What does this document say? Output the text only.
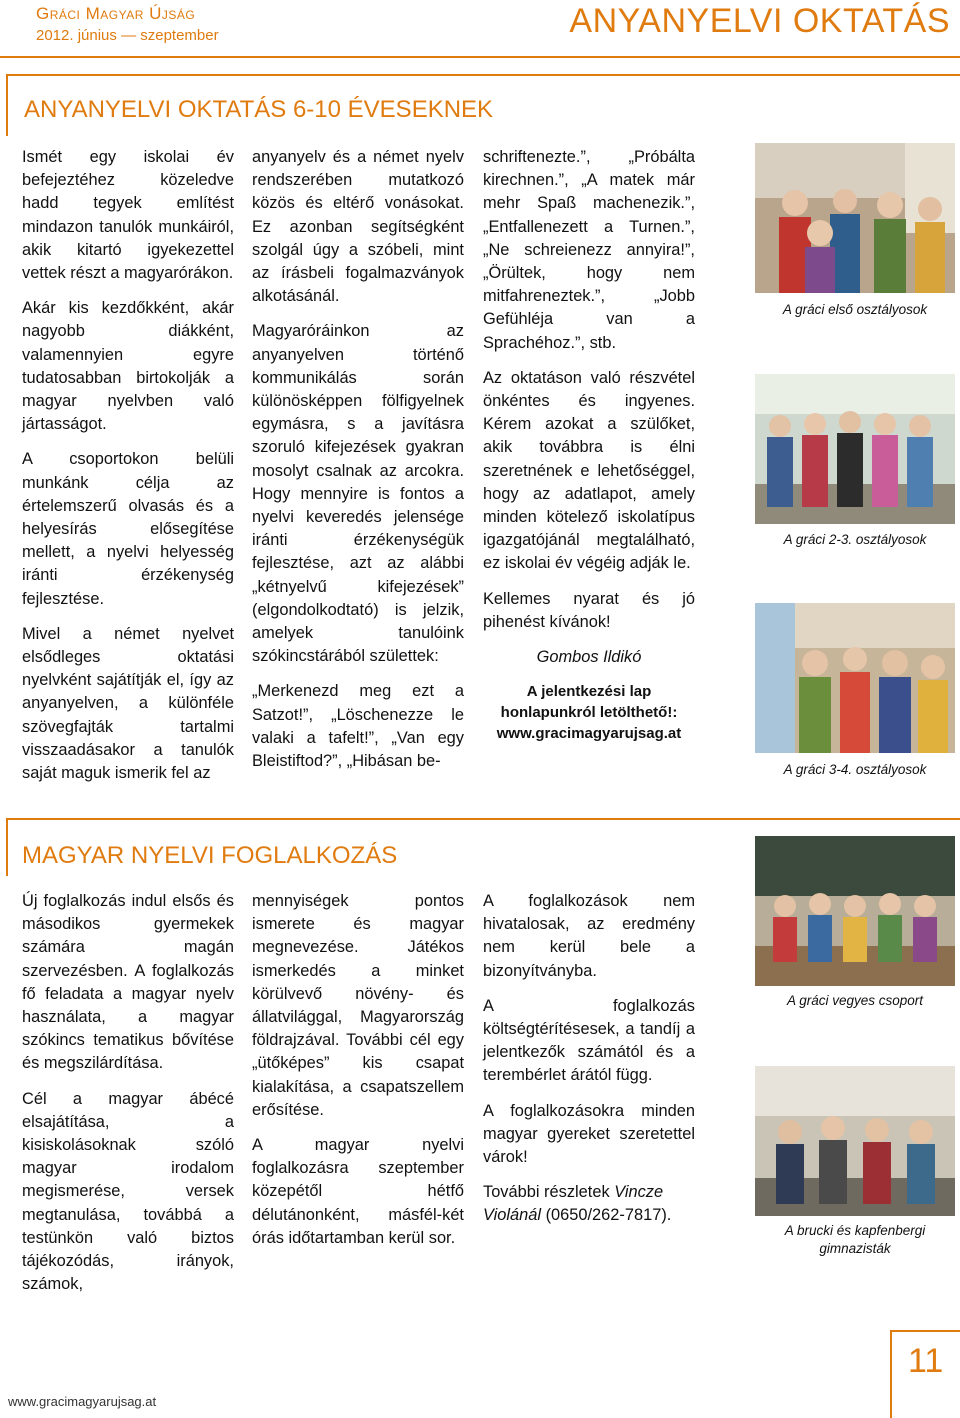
Gráci Magyar Újság
2012. június — szeptember	ANYANYELVI OKTATÁS
ANYANYELVI OKTATÁS 6-10 ÉVESEKNEK

Ismét egy iskolai év befejeztéhez közeledve hadd tegyek említést mindazon tanulók munkáiról, akik kitartó igyekezettel vettek részt a magyarórákon.

Akár kis kezdőkként, akár nagyobb diákként, valamennyien egyre tudatosabban birtokolják a magyar nyelvben való jártasságot.

A csoportokon belüli munkánk célja az értelemszerű olvasás és a helyesírás elősegítése mellett, a nyelvi helyesség iránti érzékenység fejlesztése.

Mivel a német nyelvet elsődleges oktatási nyelvként sajátítják el, így az anyanyelven, a különféle szövegfajták tartalmi visszaadásakor a tanulók saját maguk ismerik fel az

anyanyelv és a német nyelv rendszerében mutatkozó közös és eltérő vonásokat. Ez azonban segítségként szolgál úgy a szóbeli, mint az írásbeli fogalmazványok alkotásánál.

Magyaróráinkon az anyanyelven történő kommunikálás során különösképpen fölfigyelnek egymásra, s a javításra szoruló kifejezések gyakran mosolyt csalnak az arcokra. Hogy mennyire is fontos a nyelvi keveredés jelensége iránti érzékenységük fejlesztése, azt az alábbi „kétnyelvű kifejezések” (elgondolkodtató) is jelzik, amelyek tanulóink szókincstárából születtek:

„Merkenezd meg ezt a Satzot!”, „Löschenezze le valaki a tafelt!”, „Van egy Bleistiftod?”, „Hibásan be-

schriftenezte.”, „Próbálta kirechnen.”, „A matek már mehr Spaß machenezik.”, „Entfallenezett a Turnen.”, „Ne schreienezz annyira!”, „Örültek, hogy nem mitfahreneztek.”, „Jobb Gefühléja van a Sprachéhoz.”, stb.

Az oktatáson való részvétel önkéntes és ingyenes. Kérem azokat a szülőket, akik továbbra is élni szeretnének e lehetőséggel, hogy az adatlapot, amely minden kötelező iskolatípus igazgatójánál megtalálható, ez iskolai év végéig adják le.

Kellemes nyarat és jó pihenést kívánok!

Gombos Ildikó

A jelentkezési lap
honlapunkról letölthető!:
www.gracimagyarujsag.at
A gráci első osztályosok
A gráci 2-3. osztályosok
A gráci 3-4. osztályosok
MAGYAR NYELVI FOGLALKOZÁS

Új foglalkozás indul elsős és másodikos gyermekek számára magán szervezésben. A foglalkozás fő feladata a magyar nyelv használata, a magyar szókincs tematikus bővítése és megszilárdítása.

Cél a magyar ábécé elsajátítása, a kisiskolásoknak szóló magyar irodalom megismerése, versek megtanulása, továbbá a testünkön való biztos tájékozódás, irányok, számok,

mennyiségek pontos ismerete és magyar megnevezése. Játékos ismerkedés a minket körülvevő növény- és állatvilággal, Magyarország földrajzával. További cél egy „ütőképes” kis csapat kialakítása, a csapatszellem erősítése.

A magyar nyelvi foglalkozásra szeptember közepétől hétfő délutánonként, másfél-két órás időtartamban kerül sor.

A foglalkozások nem hivatalosak, az eredmény nem kerül bele a bizonyítványba.

A foglalkozás költségtérítésesek, a tandíj a jelentkezők számától és a terembérlet árától függ.

A foglalkozásokra minden magyar gyereket szeretettel várok!

További részletek Vincze Violánál (0650/262-7817).

A gráci vegyes csoport
A brucki és kapfenbergi gimnazisták
www.gracimagyarujsag.at
11
